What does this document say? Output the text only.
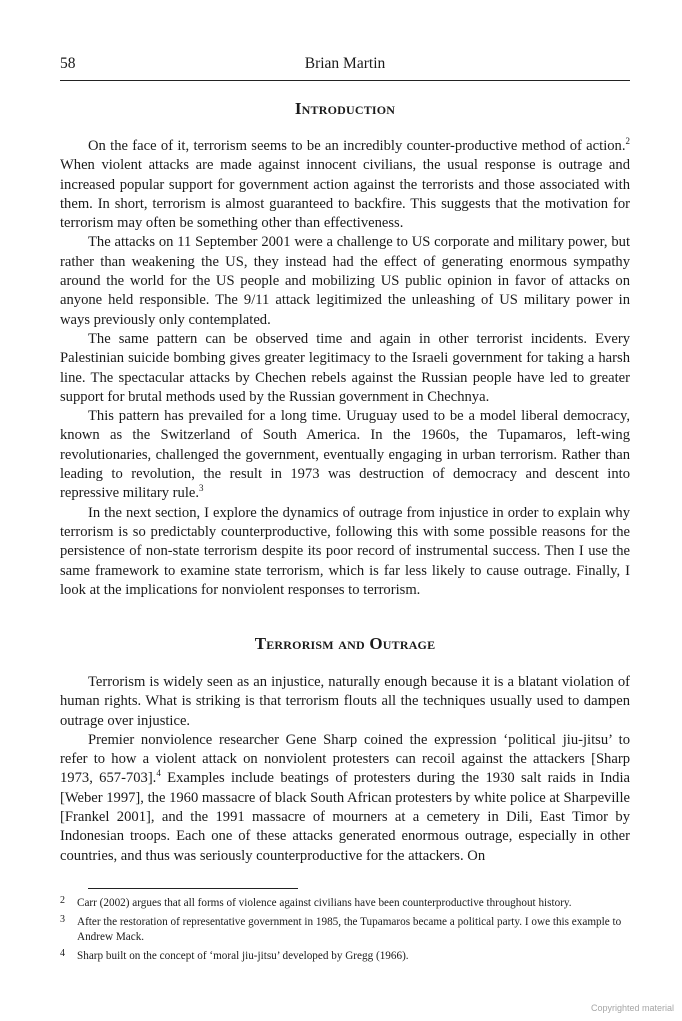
58	Brian Martin
Introduction

On the face of it, terrorism seems to be an incredibly counter-productive method of action.$^2$ When violent attacks are made against innocent civilians, the usual response is outrage and increased popular support for government action against the terrorists and those associated with them. In short, terrorism is almost guaranteed to backfire. This suggests that the motivation for terrorism may often be something other than effectiveness.

The attacks on 11 September 2001 were a challenge to US corporate and military power, but rather than weakening the US, they instead had the effect of generating enormous sympathy around the world for the US people and mobilizing US public opinion in favor of attacks on anyone held responsible. The 9/11 attack legitimized the unleashing of US military power in ways previously only contemplated.

The same pattern can be observed time and again in other terrorist incidents. Every Palestinian suicide bombing gives greater legitimacy to the Israeli government for taking a harsh line. The spectacular attacks by Chechen rebels against the Russian people have led to greater support for brutal methods used by the Russian government in Chechnya.

This pattern has prevailed for a long time. Uruguay used to be a model liberal democracy, known as the Switzerland of South America. In the 1960s, the Tupamaros, left-wing revolutionaries, challenged the government, eventually engaging in urban terrorism. Rather than leading to revolution, the result in 1973 was destruction of democracy and descent into repressive military rule.$^3$

In the next section, I explore the dynamics of outrage from injustice in order to explain why terrorism is so predictably counterproductive, following this with some possible reasons for the persistence of non-state terrorism despite its poor record of instrumental success. Then I use the same framework to examine state terrorism, which is far less likely to cause outrage. Finally, I look at the implications for nonviolent responses to terrorism.

Terrorism and Outrage

Terrorism is widely seen as an injustice, naturally enough because it is a blatant violation of human rights. What is striking is that terrorism flouts all the techniques usually used to dampen outrage over injustice.

Premier nonviolence researcher Gene Sharp coined the expression ‘political jiu-jitsu’ to refer to how a violent attack on nonviolent protesters can recoil against the attackers [Sharp 1973, 657-703].$^4$ Examples include beatings of protesters during the 1930 salt raids in India [Weber 1997], the 1960 massacre of black South African protesters by white police at Sharpeville [Frankel 2001], and the 1991 massacre of mourners at a cemetery in Dili, East Timor by Indonesian troops. Each one of these attacks generated enormous outrage, especially in other countries, and thus was seriously counterproductive for the attackers. On

2 Carr (2002) argues that all forms of violence against civilians have been counterproductive throughout history.

3 After the restoration of representative government in 1985, the Tupamaros became a political party. I owe this example to Andrew Mack.

4 Sharp built on the concept of ‘moral jiu-jitsu’ developed by Gregg (1966).

Copyrighted material
